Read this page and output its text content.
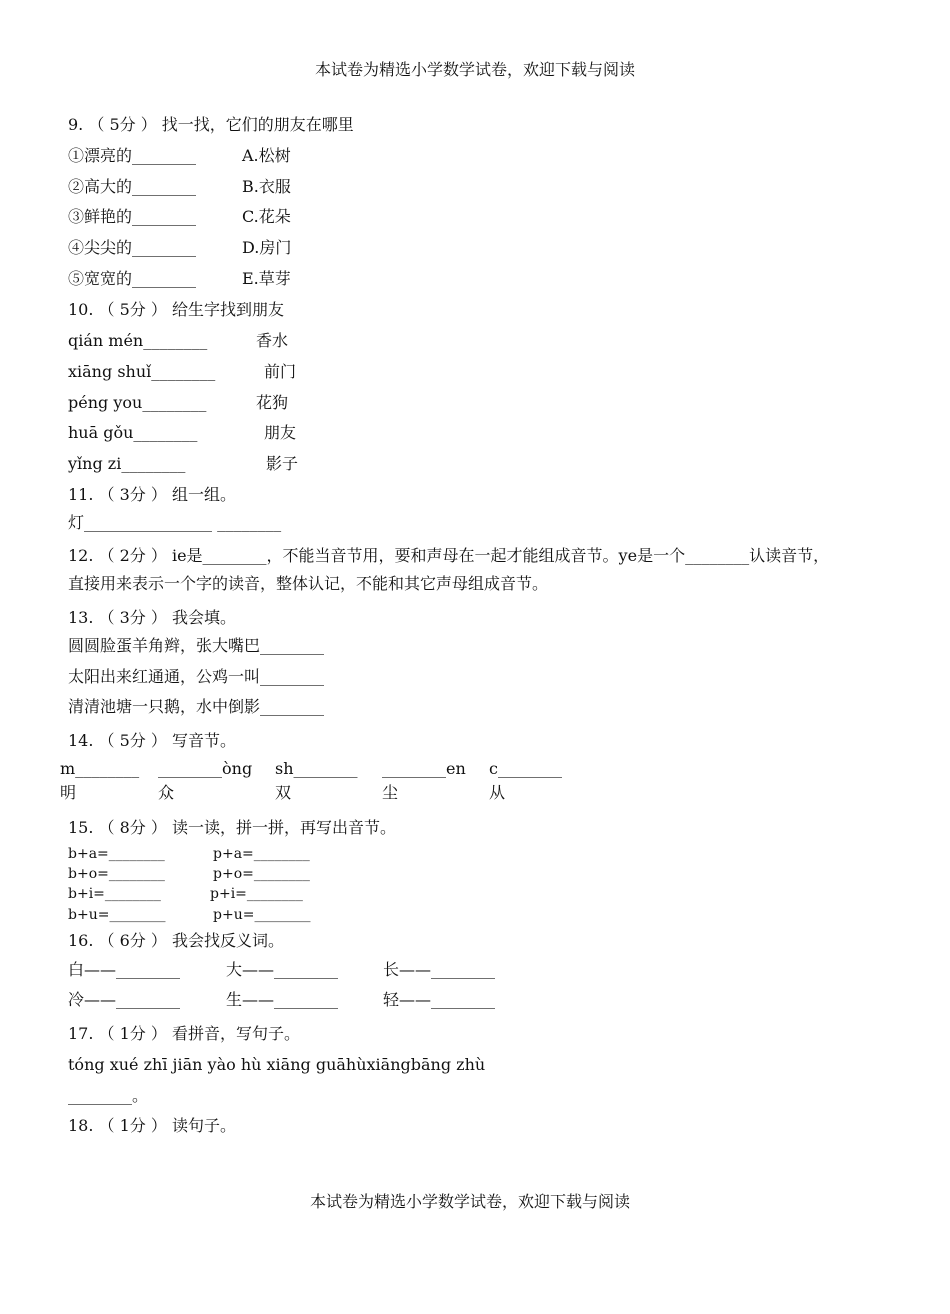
本试卷为精选小学数学试卷，欢迎下载与阅读
9. （ 5分 ） 找一找，它们的朋友在哪里
①漂亮的________	A.松树
②高大的________	B.衣服
③鲜艳的________	C.花朵
④尖尖的________	D.房门
⑤宽宽的________	E.草芽
10. （ 5分 ） 给生字找到朋友
qián mén________	香水
xiāng shuǐ________	前门
péng you________	花狗
huā gǒu________	朋友
yǐng zi________	影子
11. （ 3分 ） 组一组。
灯________________ ________
12. （ 2分 ） ie是________，不能当音节用，要和声母在一起才能组成音节。ye是一个________认读音节，
直接用来表示一个字的读音，整体认记，不能和其它声母组成音节。
13. （ 3分 ） 我会填。
圆圆脸蛋羊角辫，张大嘴巴________
太阳出来红通通，公鸡一叫________
清清池塘一只鹅，水中倒影________
14. （ 5分 ） 写音节。
m________ ________òng sh________ ________en c________
明	众	双	尘	从
15. （ 8分 ） 读一读，拼一拼，再写出音节。
b+a=________	p+a=________
b+o=________	p+o=________
b+i=________	p+i=________
b+u=________	p+u=________
16. （ 6分 ） 我会找反义词。
白——________	大——________	长——________
冷——________	生——________	轻——________
17. （ 1分 ） 看拼音，写句子。
tóng xué zhī jiān yào hù xiāng guāhùxiāngbāng zhù
________。
18. （ 1分 ） 读句子。
本试卷为精选小学数学试卷，欢迎下载与阅读
